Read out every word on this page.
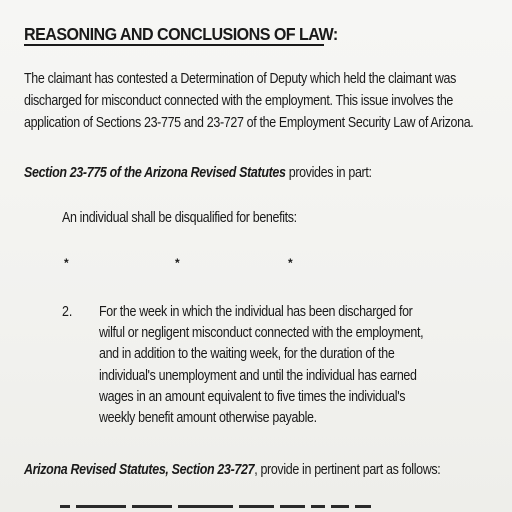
REASONING AND CONCLUSIONS OF LAW:
The claimant has contested a Determination of Deputy which held the claimant was
discharged for misconduct connected with the employment. This issue involves the
application of Sections 23-775 and 23-727 of the Employment Security Law of Arizona.
Section 23-775 of the Arizona Revised Statutes provides in part:
An individual shall be disqualified for benefits:
*	*	*
2. For the week in which the individual has been discharged for
wilful or negligent misconduct connected with the employment,
and in addition to the waiting week, for the duration of the
individual's unemployment and until the individual has earned
wages in an amount equivalent to five times the individual's
weekly benefit amount otherwise payable.
Arizona Revised Statutes, Section 23-727, provide in pertinent part as follows:
